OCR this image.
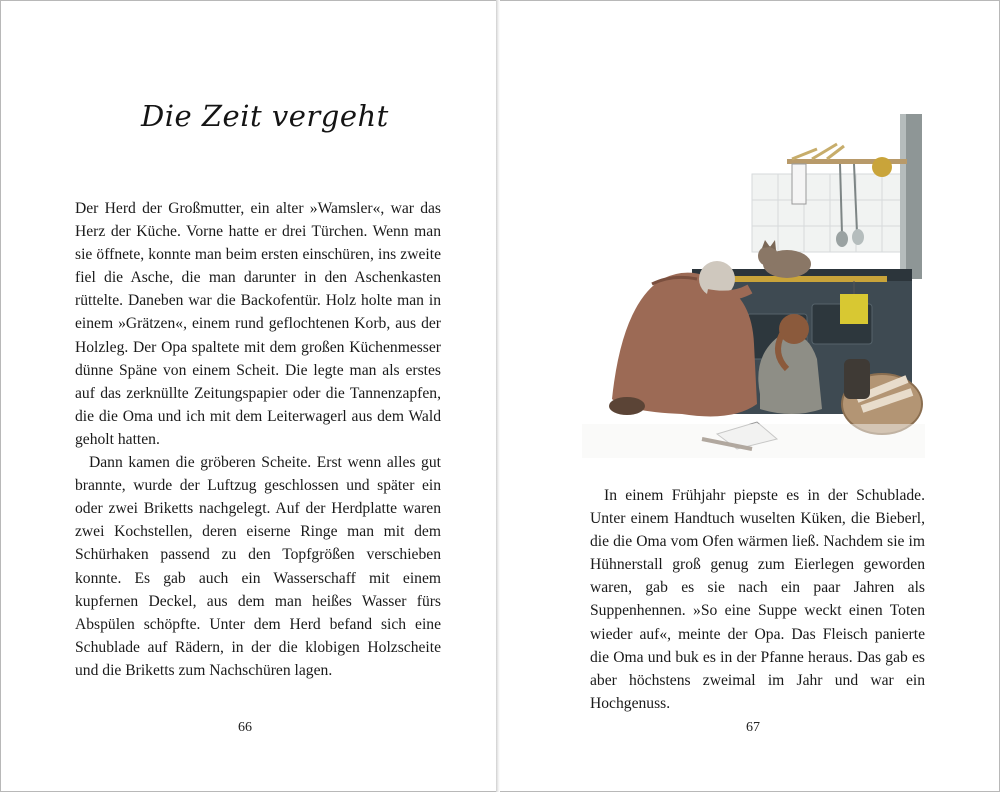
Die Zeit vergeht

Der Herd der Großmutter, ein alter »Wamsler«, war das Herz der Küche. Vorne hatte er drei Türchen. Wenn man sie öffnete, konnte man beim ersten einschüren, ins zweite fiel die Asche, die man darunter in den Aschenkasten rüttelte. Daneben war die Backofentür. Holz holte man in einem »Grätzen«, einem rund geflochtenen Korb, aus der Holzleg. Der Opa spaltete mit dem großen Küchenmesser dünne Späne von einem Scheit. Die legte man als erstes auf das zerknüllte Zeitungspapier oder die Tannenzapfen, die die Oma und ich mit dem Leiterwagerl aus dem Wald geholt hatten.

Dann kamen die gröberen Scheite. Erst wenn alles gut brannte, wurde der Luftzug geschlossen und später ein oder zwei Briketts nachgelegt. Auf der Herdplatte waren zwei Kochstellen, deren eiserne Ringe man mit dem Schürhaken passend zu den Topfgrößen verschieben konnte. Es gab auch ein Wasserschaff mit einem kupfernen Deckel, aus dem man heißes Wasser fürs Abspülen schöpfte. Unter dem Herd befand sich eine Schublade auf Rädern, in der die klobigen Holzscheite und die Briketts zum Nachschüren lagen.

66

In einem Frühjahr piepste es in der Schublade. Unter einem Handtuch wuselten Küken, die Bieberl, die die Oma vom Ofen wärmen ließ. Nachdem sie im Hühnerstall groß genug zum Eierlegen geworden waren, gab es sie nach ein paar Jahren als Suppenhennen. »So eine Suppe weckt einen Toten wieder auf«, meinte der Opa. Das Fleisch panierte die Oma und buk es in der Pfanne heraus. Das gab es aber höchstens zweimal im Jahr und war ein Hochgenuss.

67
